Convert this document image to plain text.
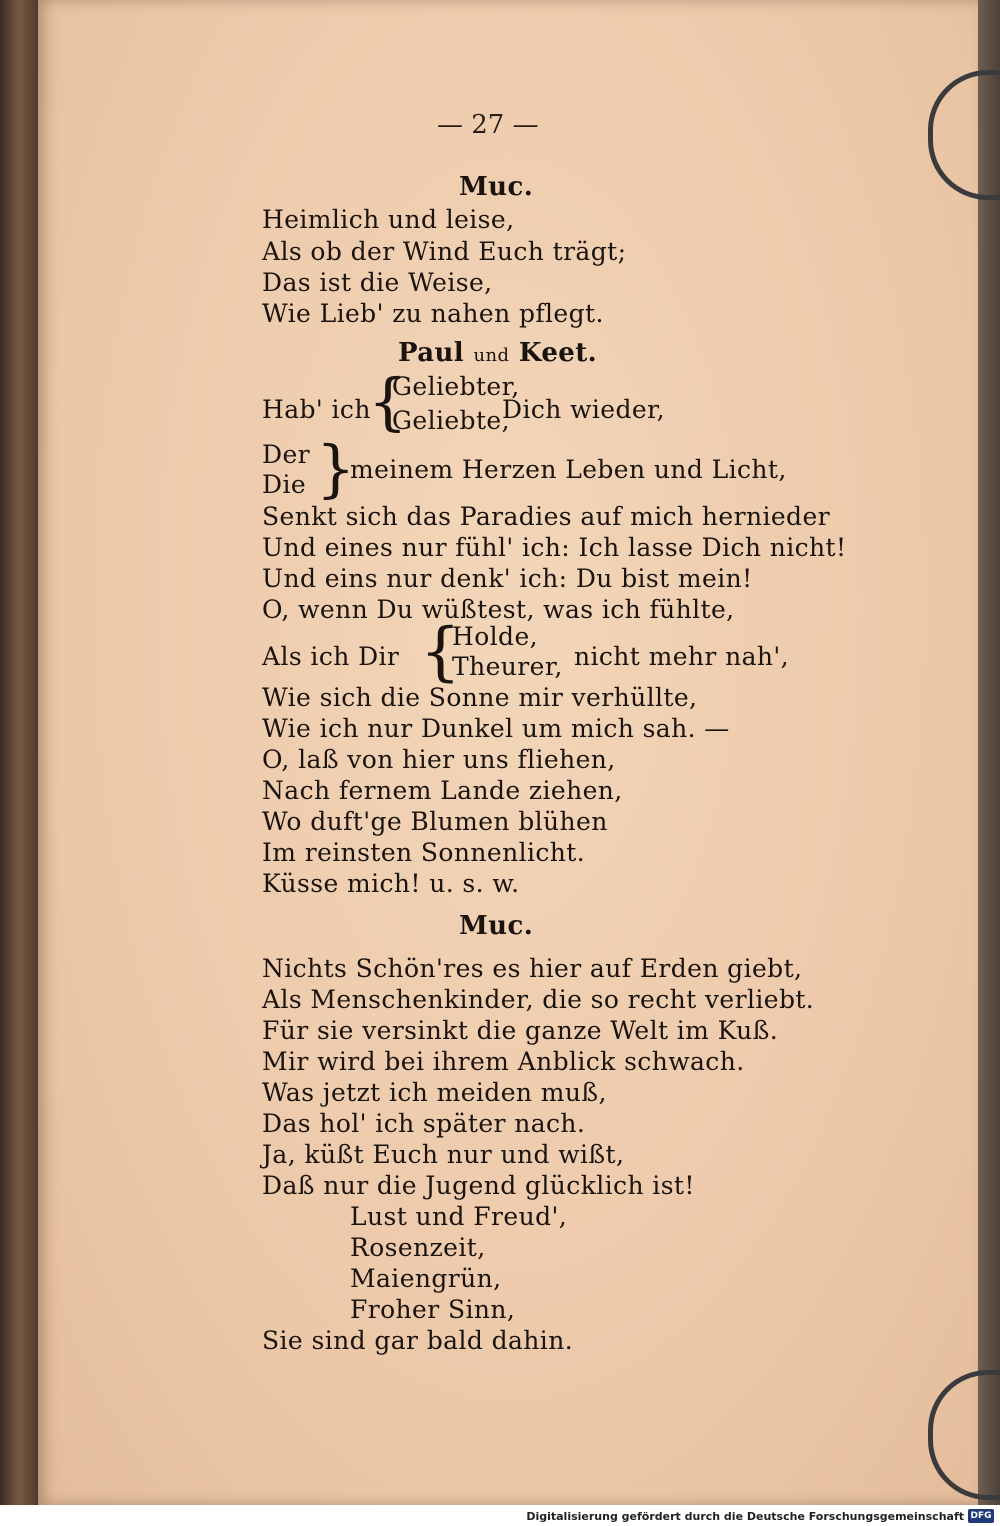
— 27 —
Muc.
Heimlich und leise,
Als ob der Wind Euch trägt;
Das ist die Weise,
Wie Lieb' zu nahen pflegt.
Paul und Keet.
Hab' ich
{
Geliebter,
Geliebte,
Dich wieder,
Der
Die }
meinem Herzen Leben und Licht,
Senkt sich das Paradies auf mich hernieder
Und eines nur fühl' ich: Ich lasse Dich nicht!
Und eins nur denk' ich: Du bist mein!
O, wenn Du wüßtest, was ich fühlte,
Als ich Dir {
Holde,
Theurer, nicht mehr nah',
Wie sich die Sonne mir verhüllte,
Wie ich nur Dunkel um mich sah. —
O, laß von hier uns fliehen,
Nach fernem Lande ziehen,
Wo duft'ge Blumen blühen
Im reinsten Sonnenlicht.
Küsse mich! u. s. w.
Muc.
Nichts Schön'res es hier auf Erden giebt,
Als Menschenkinder, die so recht verliebt.
Für sie versinkt die ganze Welt im Kuß.
Mir wird bei ihrem Anblick schwach.
Was jetzt ich meiden muß,
Das hol' ich später nach.
Ja, küßt Euch nur und wißt,
Daß nur die Jugend glücklich ist!
Lust und Freud',
Rosenzeit,
Maiengrün,
Froher Sinn,
Sie sind gar bald dahin.
Digitalisierung gefördert durch die Deutsche Forschungsgemeinschaft DFG
